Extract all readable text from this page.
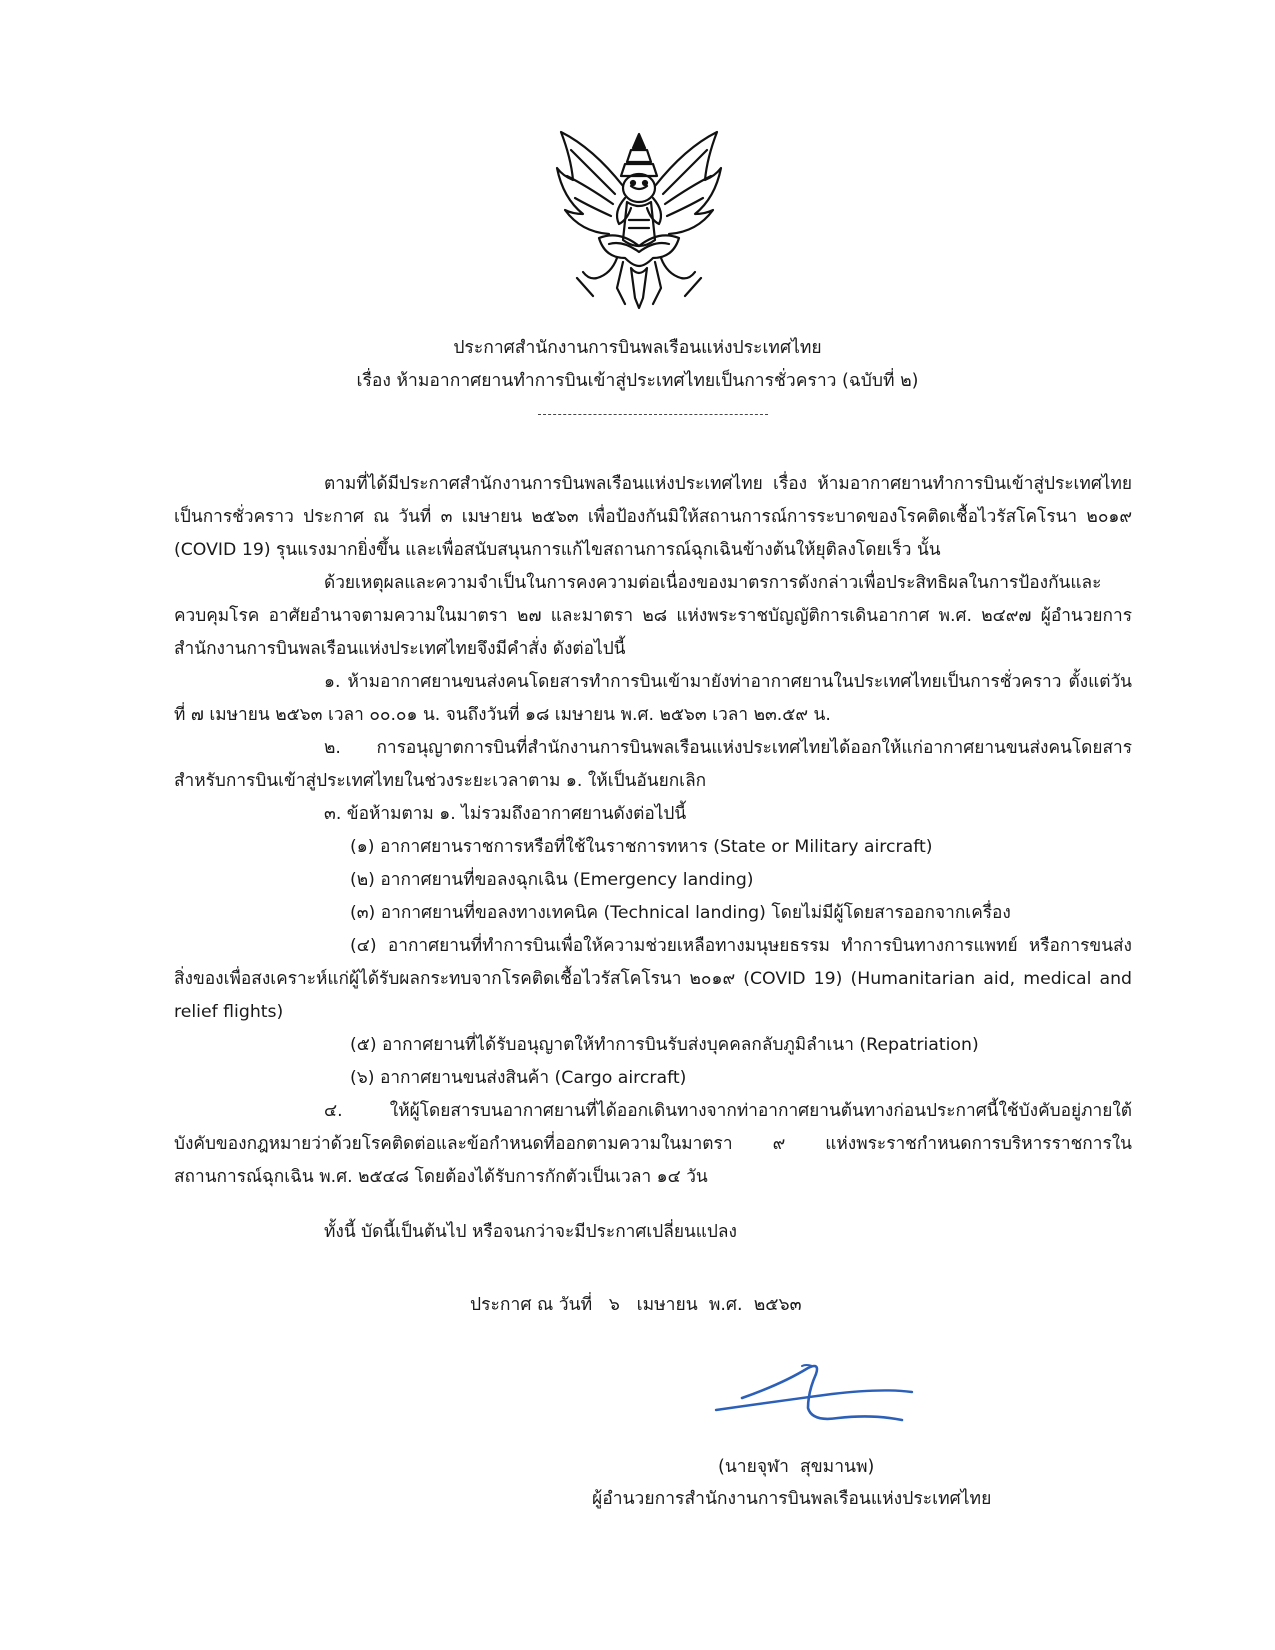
ประกาศสำนักงานการบินพลเรือนแห่งประเทศไทย
เรื่อง ห้ามอากาศยานทำการบินเข้าสู่ประเทศไทยเป็นการชั่วคราว (ฉบับที่ ๒)

ตามที่ได้มีประกาศสำนักงานการบินพลเรือนแห่งประเทศไทย เรื่อง ห้ามอากาศยานทำการบินเข้าสู่ประเทศไทยเป็นการชั่วคราว ประกาศ ณ วันที่ ๓ เมษายน ๒๕๖๓ เพื่อป้องกันมิให้สถานการณ์การระบาดของโรคติดเชื้อไวรัสโคโรนา ๒๐๑๙ (COVID 19) รุนแรงมากยิ่งขึ้น และเพื่อสนับสนุนการแก้ไขสถานการณ์ฉุกเฉินข้างต้นให้ยุติลงโดยเร็ว นั้น

ด้วยเหตุผลและความจำเป็นในการคงความต่อเนื่องของมาตรการดังกล่าวเพื่อประสิทธิผลในการป้องกันและควบคุมโรค อาศัยอำนาจตามความในมาตรา ๒๗ และมาตรา ๒๘ แห่งพระราชบัญญัติการเดินอากาศ พ.ศ. ๒๔๙๗ ผู้อำนวยการสำนักงานการบินพลเรือนแห่งประเทศไทยจึงมีคำสั่ง ดังต่อไปนี้

๑. ห้ามอากาศยานขนส่งคนโดยสารทำการบินเข้ามายังท่าอากาศยานในประเทศไทยเป็นการชั่วคราว ตั้งแต่วันที่ ๗ เมษายน ๒๕๖๓ เวลา ๐๐.๐๑ น. จนถึงวันที่ ๑๘ เมษายน พ.ศ. ๒๕๖๓ เวลา ๒๓.๕๙ น.

๒. การอนุญาตการบินที่สำนักงานการบินพลเรือนแห่งประเทศไทยได้ออกให้แก่อากาศยานขนส่งคนโดยสารสำหรับการบินเข้าสู่ประเทศไทยในช่วงระยะเวลาตาม ๑. ให้เป็นอันยกเลิก

๓. ข้อห้ามตาม ๑. ไม่รวมถึงอากาศยานดังต่อไปนี้

(๑) อากาศยานราชการหรือที่ใช้ในราชการทหาร (State or Military aircraft)

(๒) อากาศยานที่ขอลงฉุกเฉิน (Emergency landing)

(๓) อากาศยานที่ขอลงทางเทคนิค (Technical landing) โดยไม่มีผู้โดยสารออกจากเครื่อง

(๔) อากาศยานที่ทำการบินเพื่อให้ความช่วยเหลือทางมนุษยธรรม ทำการบินทางการแพทย์ หรือการขนส่งสิ่งของเพื่อสงเคราะห์แก่ผู้ได้รับผลกระทบจากโรคติดเชื้อไวรัสโคโรนา ๒๐๑๙ (COVID 19) (Humanitarian aid, medical and relief flights)

(๕) อากาศยานที่ได้รับอนุญาตให้ทำการบินรับส่งบุคคลกลับภูมิลำเนา (Repatriation)

(๖) อากาศยานขนส่งสินค้า (Cargo aircraft)

๔. ให้ผู้โดยสารบนอากาศยานที่ได้ออกเดินทางจากท่าอากาศยานต้นทางก่อนประกาศนี้ใช้บังคับอยู่ภายใต้บังคับของกฎหมายว่าด้วยโรคติดต่อและข้อกำหนดที่ออกตามความในมาตรา ๙ แห่งพระราชกำหนดการบริหารราชการในสถานการณ์ฉุกเฉิน พ.ศ. ๒๕๔๘ โดยต้องได้รับการกักตัวเป็นเวลา ๑๔ วัน

ทั้งนี้ บัดนี้เป็นต้นไป หรือจนกว่าจะมีประกาศเปลี่ยนแปลง

ประกาศ ณ วันที่   ๖   เมษายน  พ.ศ.  ๒๕๖๓
(นายจุฬา  สุขมานพ)
ผู้อำนวยการสำนักงานการบินพลเรือนแห่งประเทศไทย
